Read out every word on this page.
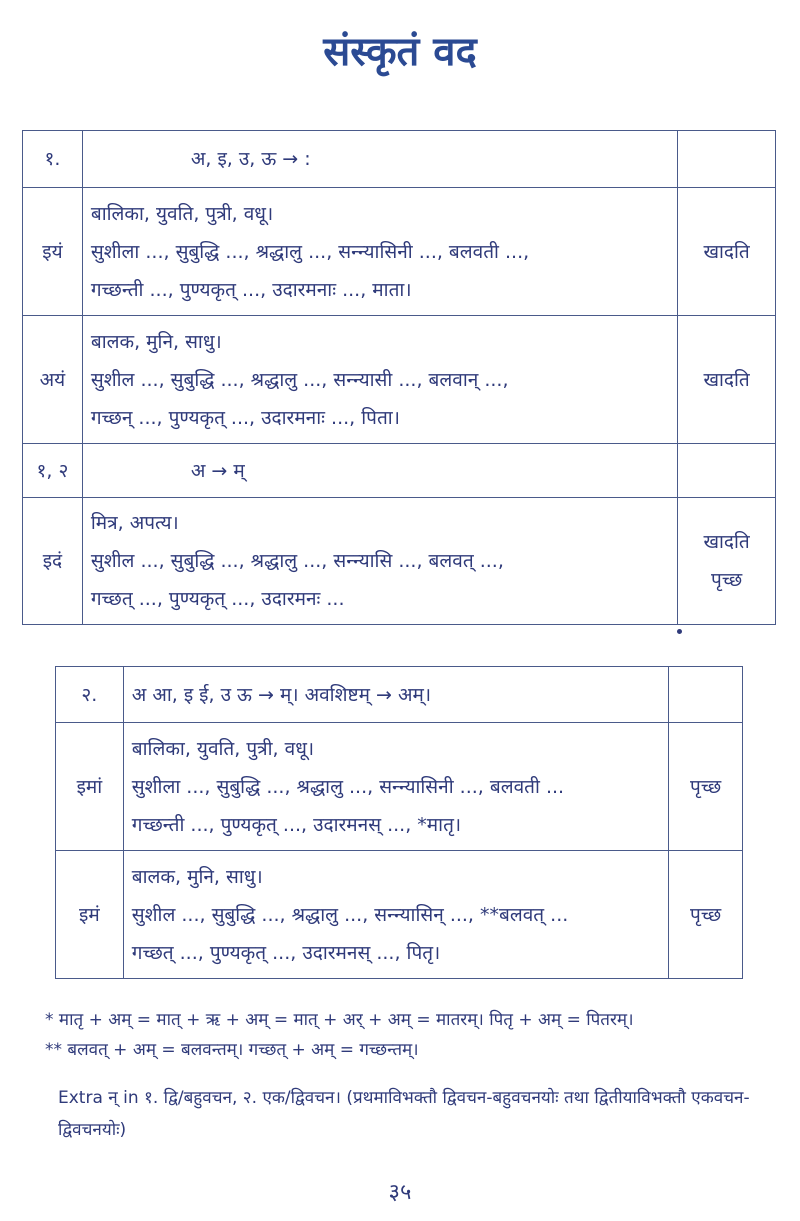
संस्कृतं वद
१.	अ, इ, उ, ऊ → :	

इयं	बालिका, युवति, पुत्री, वधू।
सुशीला ..., सुबुद्धि ..., श्रद्धालु ..., सन्न्यासिनी ..., बलवती ...,
गच्छन्ती ..., पुण्यकृत् ..., उदारमनाः ..., माता।	खादति

अयं	बालक, मुनि, साधु।
सुशील ..., सुबुद्धि ..., श्रद्धालु ..., सन्न्यासी ..., बलवान् ...,
गच्छन् ..., पुण्यकृत् ..., उदारमनाः ..., पिता।	खादति

१, २	अ → म्	

इदं	मित्र, अपत्य।
सुशील ..., सुबुद्धि ..., श्रद्धालु ..., सन्न्यासि ..., बलवत् ...,
गच्छत् ..., पुण्यकृत् ..., उदारमनः ...	खादति
पृच्छ
२.	अ आ, इ ई, उ ऊ → म्। अवशिष्टम् → अम्।	

इमां	बालिका, युवति, पुत्री, वधू।
सुशीला ..., सुबुद्धि ..., श्रद्धालु ..., सन्न्यासिनी ..., बलवती ...
गच्छन्ती ..., पुण्यकृत् ..., उदारमनस् ..., *मातृ।	पृच्छ

इमं	बालक, मुनि, साधु।
सुशील ..., सुबुद्धि ..., श्रद्धालु ..., सन्न्यासिन् ..., **बलवत् ...
गच्छत् ..., पुण्यकृत् ..., उदारमनस् ..., पितृ।	पृच्छ
* मातृ + अम् = मात् + ऋ + अम् = मात् + अर् + अम् = मातरम्। पितृ + अम् = पितरम्।
** बलवत् + अम् = बलवन्तम्। गच्छत् + अम् = गच्छन्तम्।
Extra न् in १. द्वि/बहुवचन, २. एक/द्विवचन। (प्रथमाविभक्तौ द्विवचन-बहुवचनयोः तथा द्वितीयाविभक्तौ एकवचन-द्विवचनयोः)
३५
